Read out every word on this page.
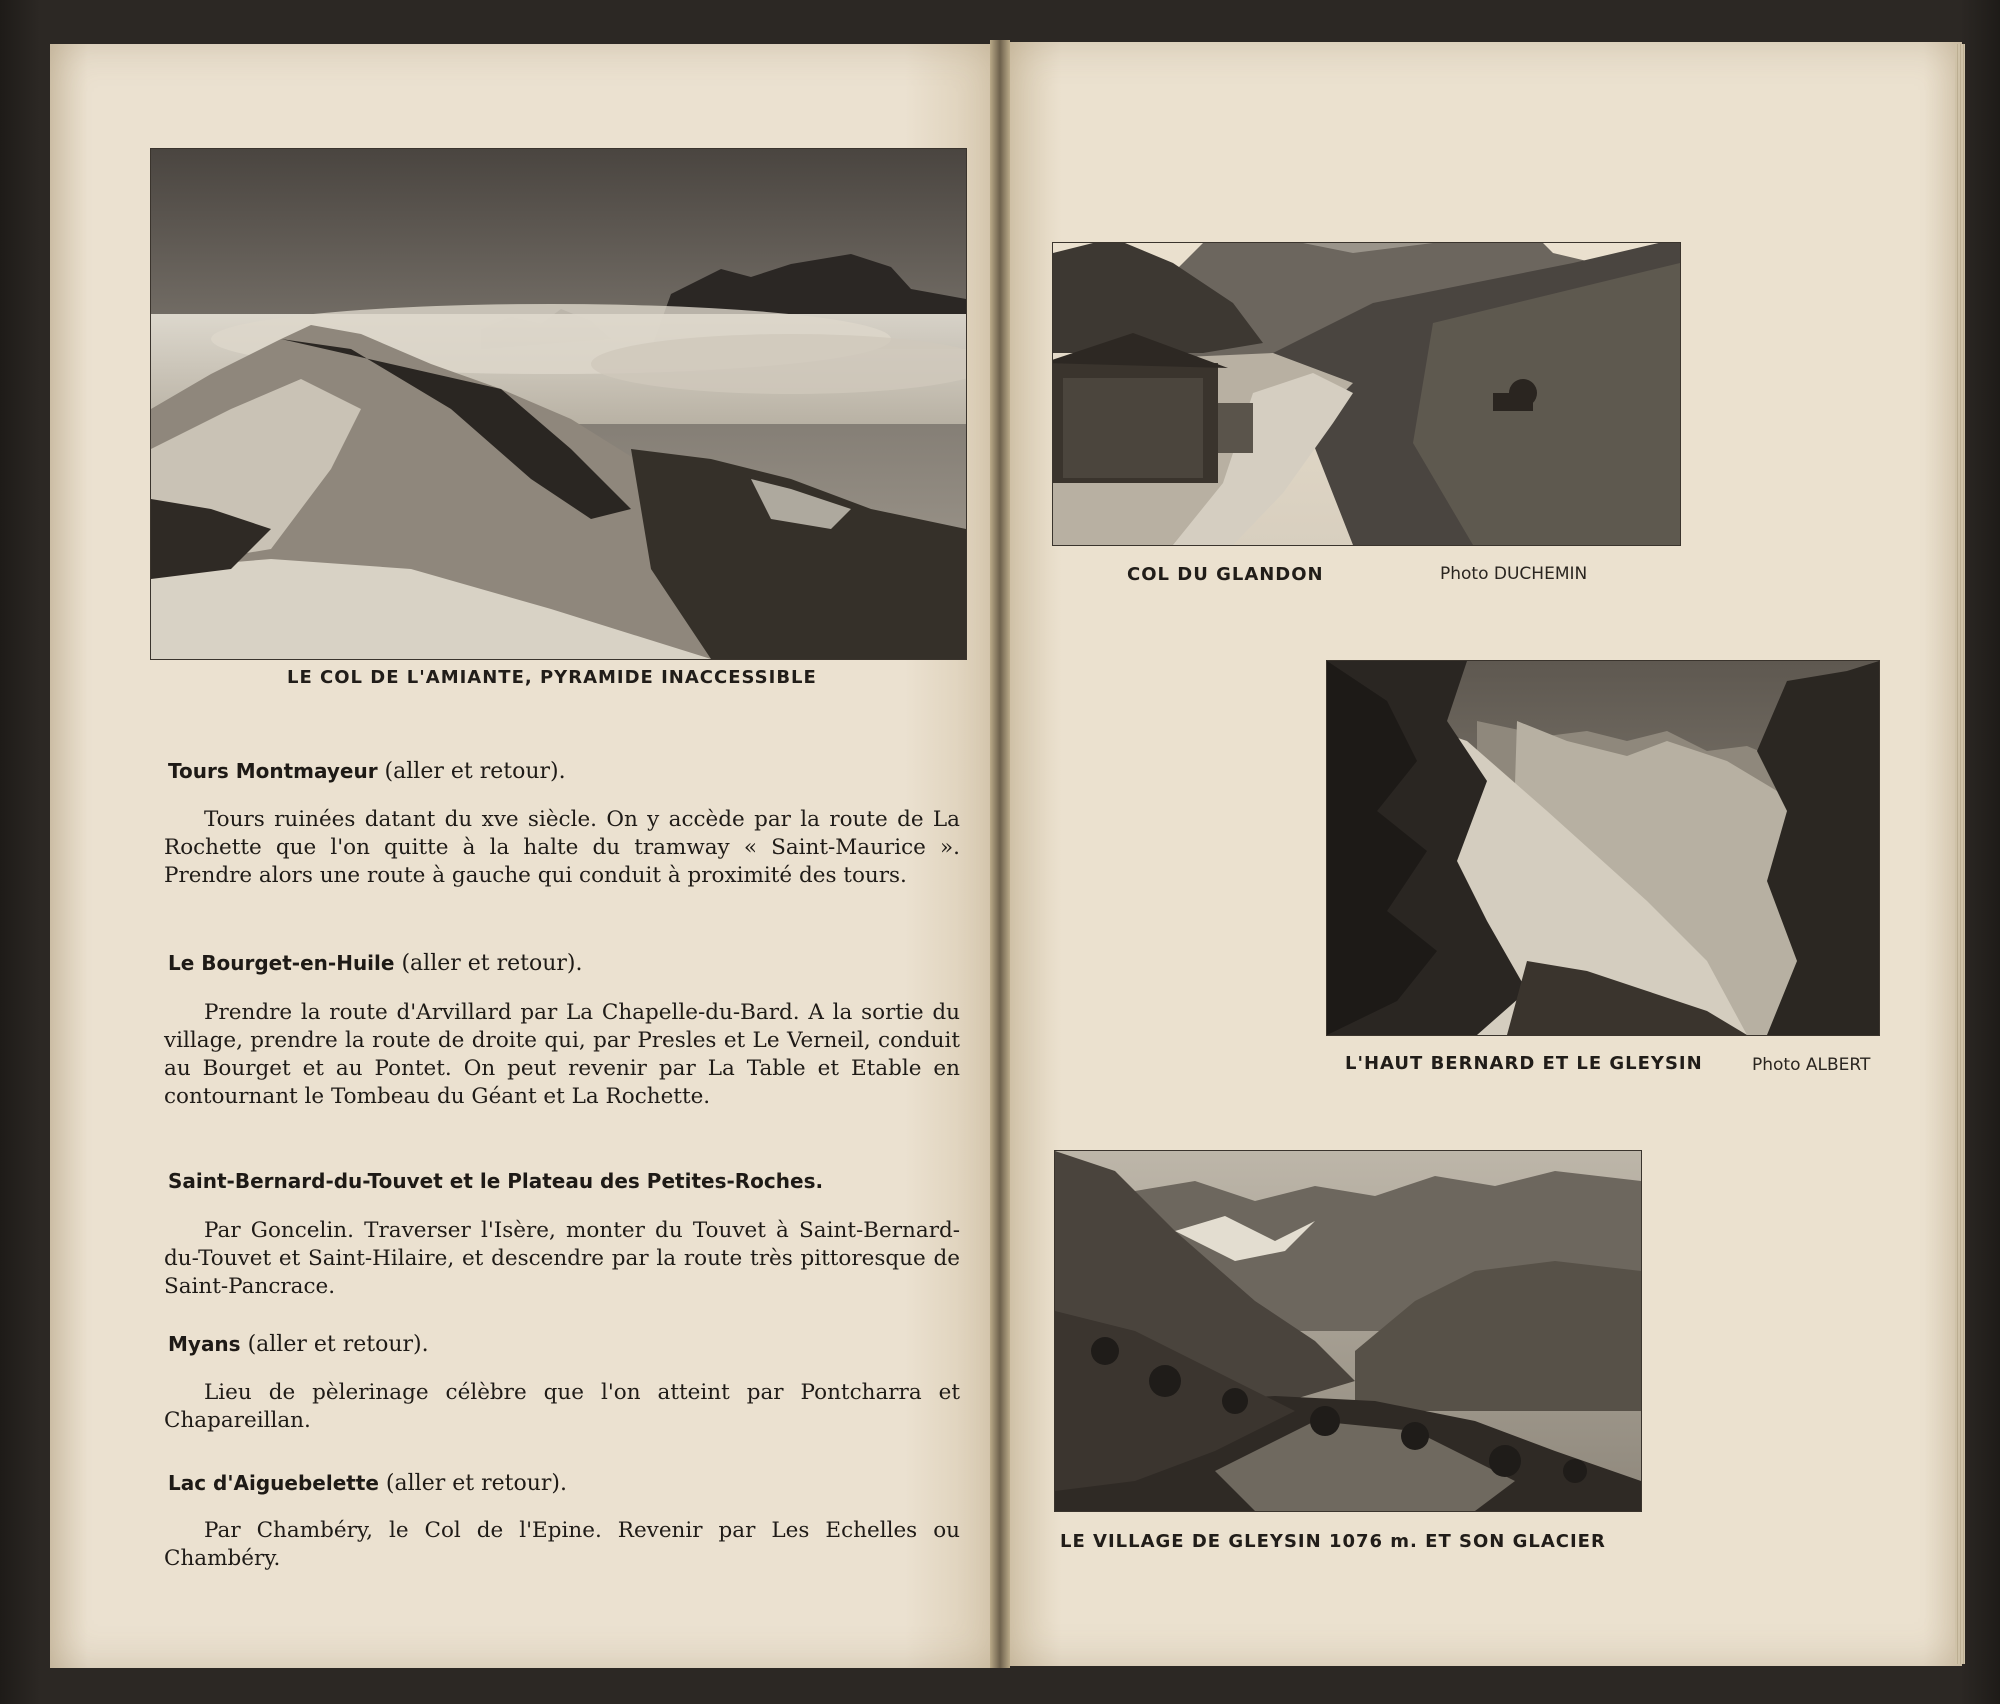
LE COL DE L'AMIANTE, PYRAMIDE INACCESSIBLE
Tours Montmayeur (aller et retour).
Tours ruinées datant du xve siècle. On y accède par la route de La Rochette que l'on quitte à la halte du tramway « Saint-Maurice ». Prendre alors une route à gauche qui conduit à proximité des tours.
Le Bourget-en-Huile (aller et retour).
Prendre la route d'Arvillard par La Chapelle-du-Bard. A la sortie du village, prendre la route de droite qui, par Presles et Le Verneil, conduit au Bourget et au Pontet. On peut revenir par La Table et Etable en contournant le Tombeau du Géant et La Rochette.
Saint-Bernard-du-Touvet et le Plateau des Petites-Roches.
Par Goncelin. Traverser l'Isère, monter du Touvet à Saint-Bernard-du-Touvet et Saint-Hilaire, et descendre par la route très pittoresque de Saint-Pancrace.
Myans (aller et retour).
Lieu de pèlerinage célèbre que l'on atteint par Pontcharra et Chapareillan.
Lac d'Aiguebelette (aller et retour).
Par Chambéry, le Col de l'Epine. Revenir par Les Echelles ou Chambéry.
COL DU GLANDON	Photo DUCHEMIN
L'HAUT BERNARD ET LE GLEYSIN	Photo ALBERT
LE VILLAGE DE GLEYSIN 1076 m. ET SON GLACIER
